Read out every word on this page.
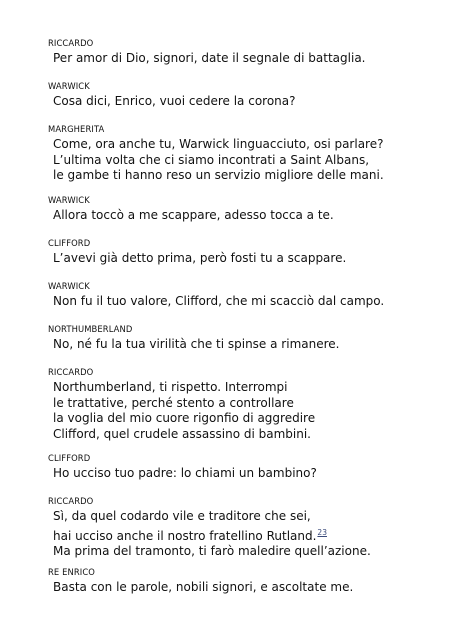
RICCARDO
Per amor di Dio, signori, date il segnale di battaglia.
WARWICK
Cosa dici, Enrico, vuoi cedere la corona?
MARGHERITA
Come, ora anche tu, Warwick linguacciuto, osi parlare?
L’ultima volta che ci siamo incontrati a Saint Albans,
le gambe ti hanno reso un servizio migliore delle mani.
WARWICK
Allora toccò a me scappare, adesso tocca a te.
CLIFFORD
L’avevi già detto prima, però fosti tu a scappare.
WARWICK
Non fu il tuo valore, Clifford, che mi scacciò dal campo.
NORTHUMBERLAND
No, né fu la tua virilità che ti spinse a rimanere.
RICCARDO
Northumberland, ti rispetto. Interrompi
le trattative, perché stento a controllare
la voglia del mio cuore rigonfio di aggredire
Clifford, quel crudele assassino di bambini.
CLIFFORD
Ho ucciso tuo padre: lo chiami un bambino?
RICCARDO
Sì, da quel codardo vile e traditore che sei,
hai ucciso anche il nostro fratellino Rutland.$^{23}$
Ma prima del tramonto, ti farò maledire quell’azione.
RE ENRICO
Basta con le parole, nobili signori, e ascoltate me.
